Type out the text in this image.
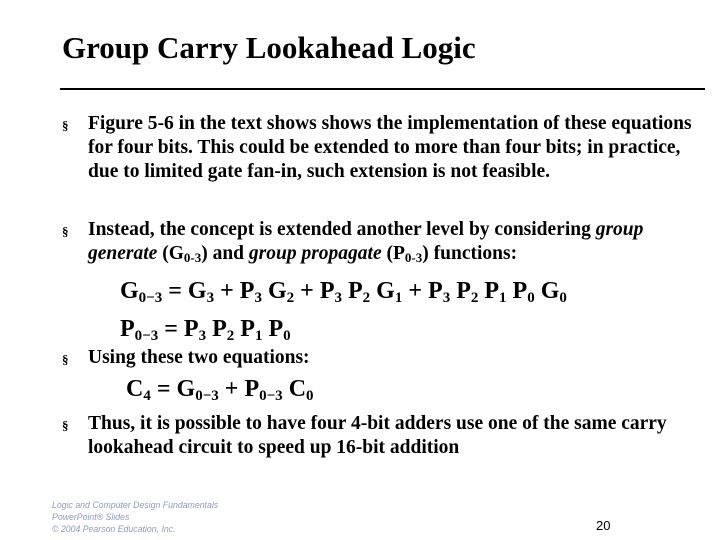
Group Carry Lookahead Logic
§ Figure 5-6 in the text shows shows the implementation of these equations for four bits. This could be extended to more than four bits; in practice, due to limited gate fan-in, such extension is not feasible.
§ Instead, the concept is extended another level by considering group generate (G0-3) and group propagate (P0-3) functions:
$G_{0-3} = G_3 + P_3$ $G_2 + P_3$ $P_2$ $G_1 + P_3$ $P_2$ $P_1$ $P_0$ $G_0$
$P_{0-3} = P_3$ $P_2$ $P_1$ $P_0$
§ Using these two equations:
$C_4 = G_{0-3} + P_{0-3}$ $C_0$
§ Thus, it is possible to have four 4-bit adders use one of the same carry lookahead circuit to speed up 16-bit addition
Logic and Computer Design Fundamentals
PowerPoint® Slides
© 2004 Pearson Education, Inc.	20
